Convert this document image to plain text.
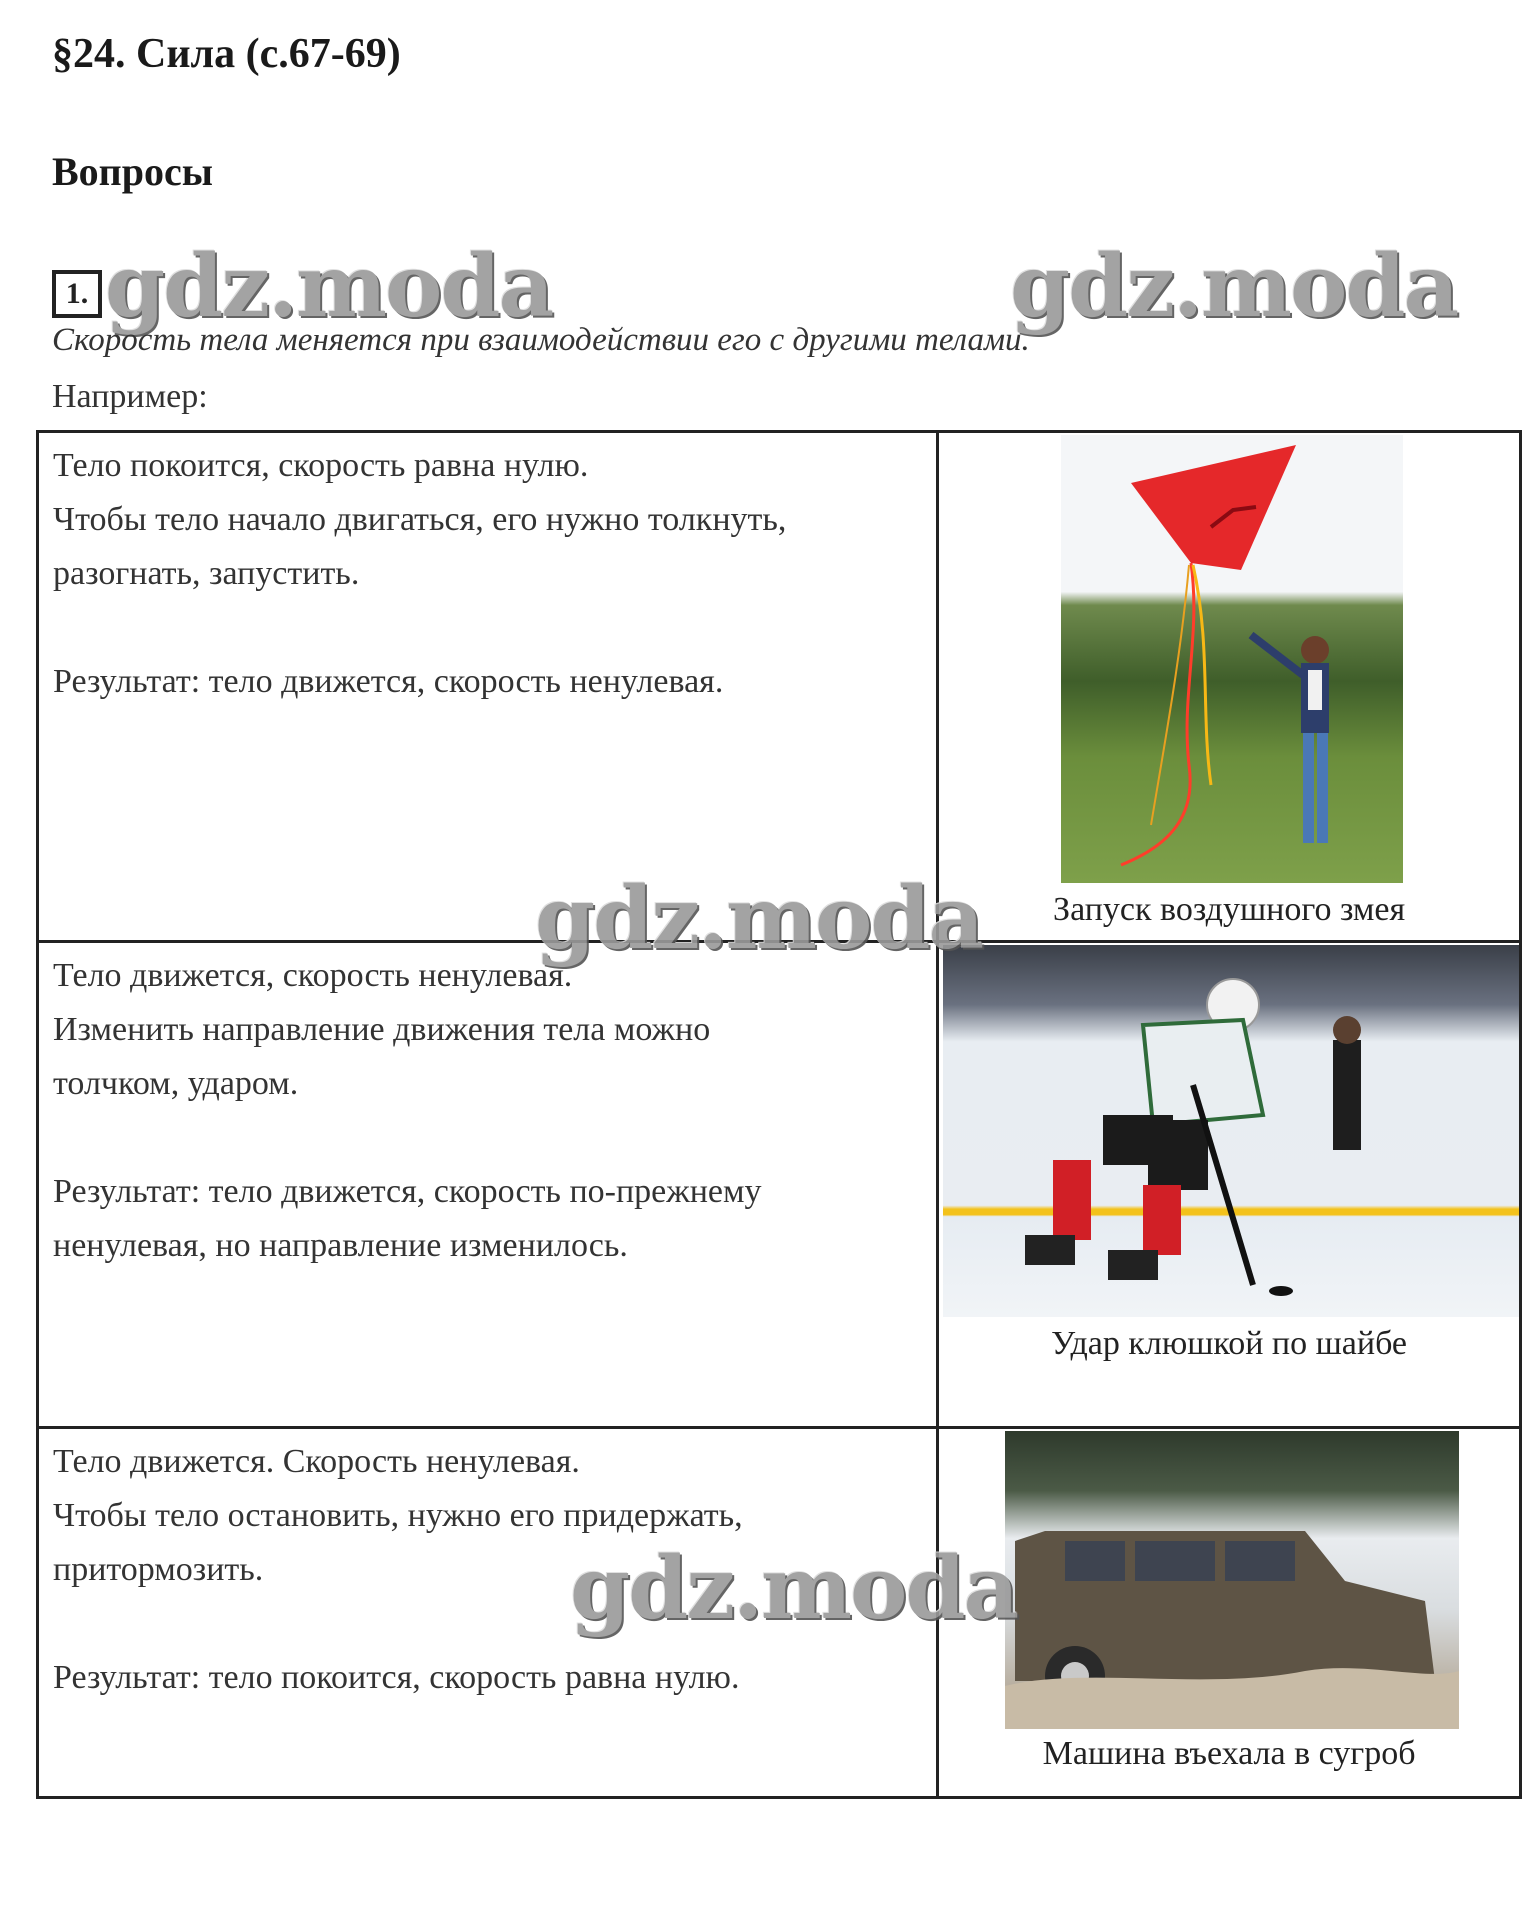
§24. Сила (с.67-69)
Вопросы
1. gdz.moda	gdz.moda
Скорость тела меняется при взаимодействии его с другими телами.
Например:

Тело покоится, скорость равна нулю.

Чтобы тело начало двигаться, его нужно толкнуть,

разогнать, запустить.

Результат: тело движется, скорость ненулевая.	Запуск воздушного змея

Тело движется, скорость ненулевая.

Изменить направление движения тела можно

толчком, ударом.

Результат: тело движется, скорость по-прежнему

ненулевая, но направление изменилось.	Удар клюшкой по шайбе

Тело движется. Скорость ненулевая.

Чтобы тело остановить, нужно его придержать,

притормозить.

Результат: тело покоится, скорость равна нулю.	Машина въехала в сугроб
gdz.moda
gdz.moda
